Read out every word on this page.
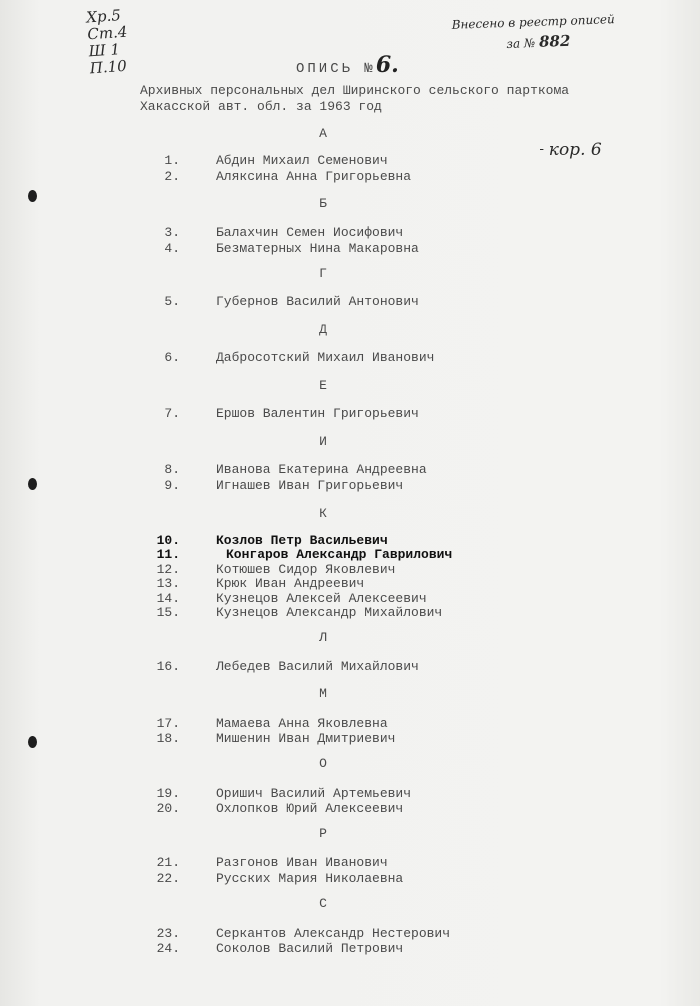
Хр.5
Ст.4
Ш 1
П.10
Внесено в реестр описей
за № 882
   кор. 6
ОПИСЬ №6.
Архивных персональных дел Ширинского сельского парткома
Хакасской авт. обл. за 1963 год
А
1.	Абдин Михаил Семенович
2.	Аляксина Анна Григорьевна
Б
3.	Балахчин Семен Иосифович
4.	Безматерных Нина Макаровна
Г
5.	Губернов Василий Антонович
Д
6.	Дабросотский Михаил Иванович
Е
7.	Ершов Валентин Григорьевич
И
8.	Иванова Екатерина Андреевна
9.	Игнашев Иван Григорьевич
К
10.	Козлов Петр Васильевич
11.	Конгаров Александр Гаврилович
12.	Котюшев Сидор Яковлевич
13.	Крюк Иван Андреевич
14.	Кузнецов Алексей Алексеевич
15.	Кузнецов Александр Михайлович
Л
16.	Лебедев Василий Михайлович
М
17.	Мамаева Анна Яковлевна
18.	Мишенин Иван Дмитриевич
О
19.	Оришич Василий Артемьевич
20.	Охлопков Юрий Алексеевич
Р
21.	Разгонов Иван Иванович
22.	Русских Мария Николаевна
С
23.	Серкантов Александр Нестерович
24.	Соколов Василий Петрович
